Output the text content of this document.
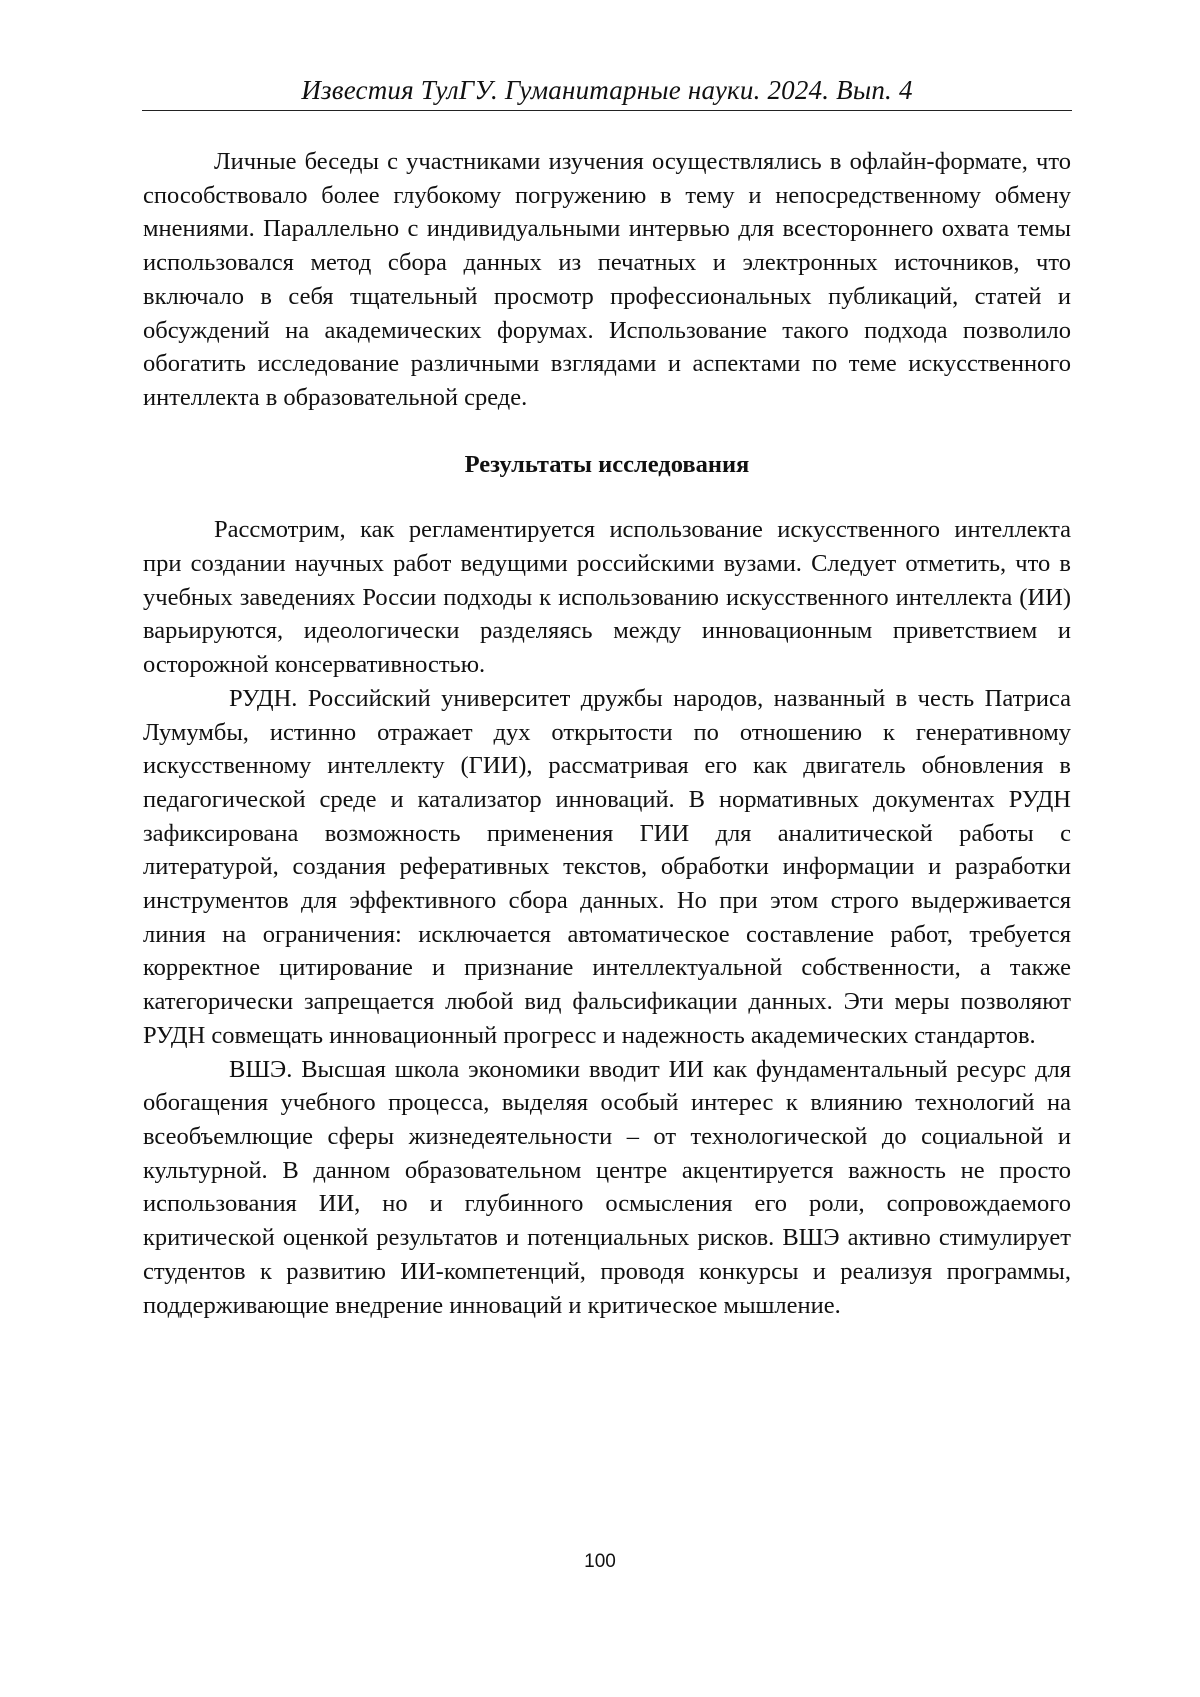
Известия ТулГУ. Гуманитарные науки. 2024. Вып. 4

Личные беседы с участниками изучения осуществлялись в офлайн-формате, что способствовало более глубокому погружению в тему и непосредственному обмену мнениями. Параллельно с индивидуальными интервью для всестороннего охвата темы использовался метод сбора данных из печатных и электронных источников, что включало в себя тщательный просмотр профессиональных публикаций, статей и обсуждений на академических форумах. Использование такого подхода позволило обогатить исследование различными взглядами и аспектами по теме искусственного интеллекта в образовательной среде.

Результаты исследования

Рассмотрим, как регламентируется использование искусственного интеллекта при создании научных работ ведущими российскими вузами. Следует отметить, что в учебных заведениях России подходы к использованию искусственного интеллекта (ИИ) варьируются, идеологически разделяясь между инновационным приветствием и осторожной консервативностью.

РУДН. Российский университет дружбы народов, названный в честь Патриса Лумумбы, истинно отражает дух открытости по отношению к генеративному искусственному интеллекту (ГИИ), рассматривая его как двигатель обновления в педагогической среде и катализатор инноваций. В нормативных документах РУДН зафиксирована возможность применения ГИИ для аналитической работы с литературой, создания реферативных текстов, обработки информации и разработки инструментов для эффективного сбора данных. Но при этом строго выдерживается линия на ограничения: исключается автоматическое составление работ, требуется корректное цитирование и признание интеллектуальной собственности, а также категорически запрещается любой вид фальсификации данных. Эти меры позволяют РУДН совмещать инновационный прогресс и надежность академических стандартов.

ВШЭ. Высшая школа экономики вводит ИИ как фундаментальный ресурс для обогащения учебного процесса, выделяя особый интерес к влиянию технологий на всеобъемлющие сферы жизнедеятельности – от технологической до социальной и культурной. В данном образовательном центре акцентируется важность не просто использования ИИ, но и глубинного осмысления его роли, сопровождаемого критической оценкой результатов и потенциальных рисков. ВШЭ активно стимулирует студентов к развитию ИИ-компетенций, проводя конкурсы и реализуя программы, поддерживающие внедрение инноваций и критическое мышление.

100
